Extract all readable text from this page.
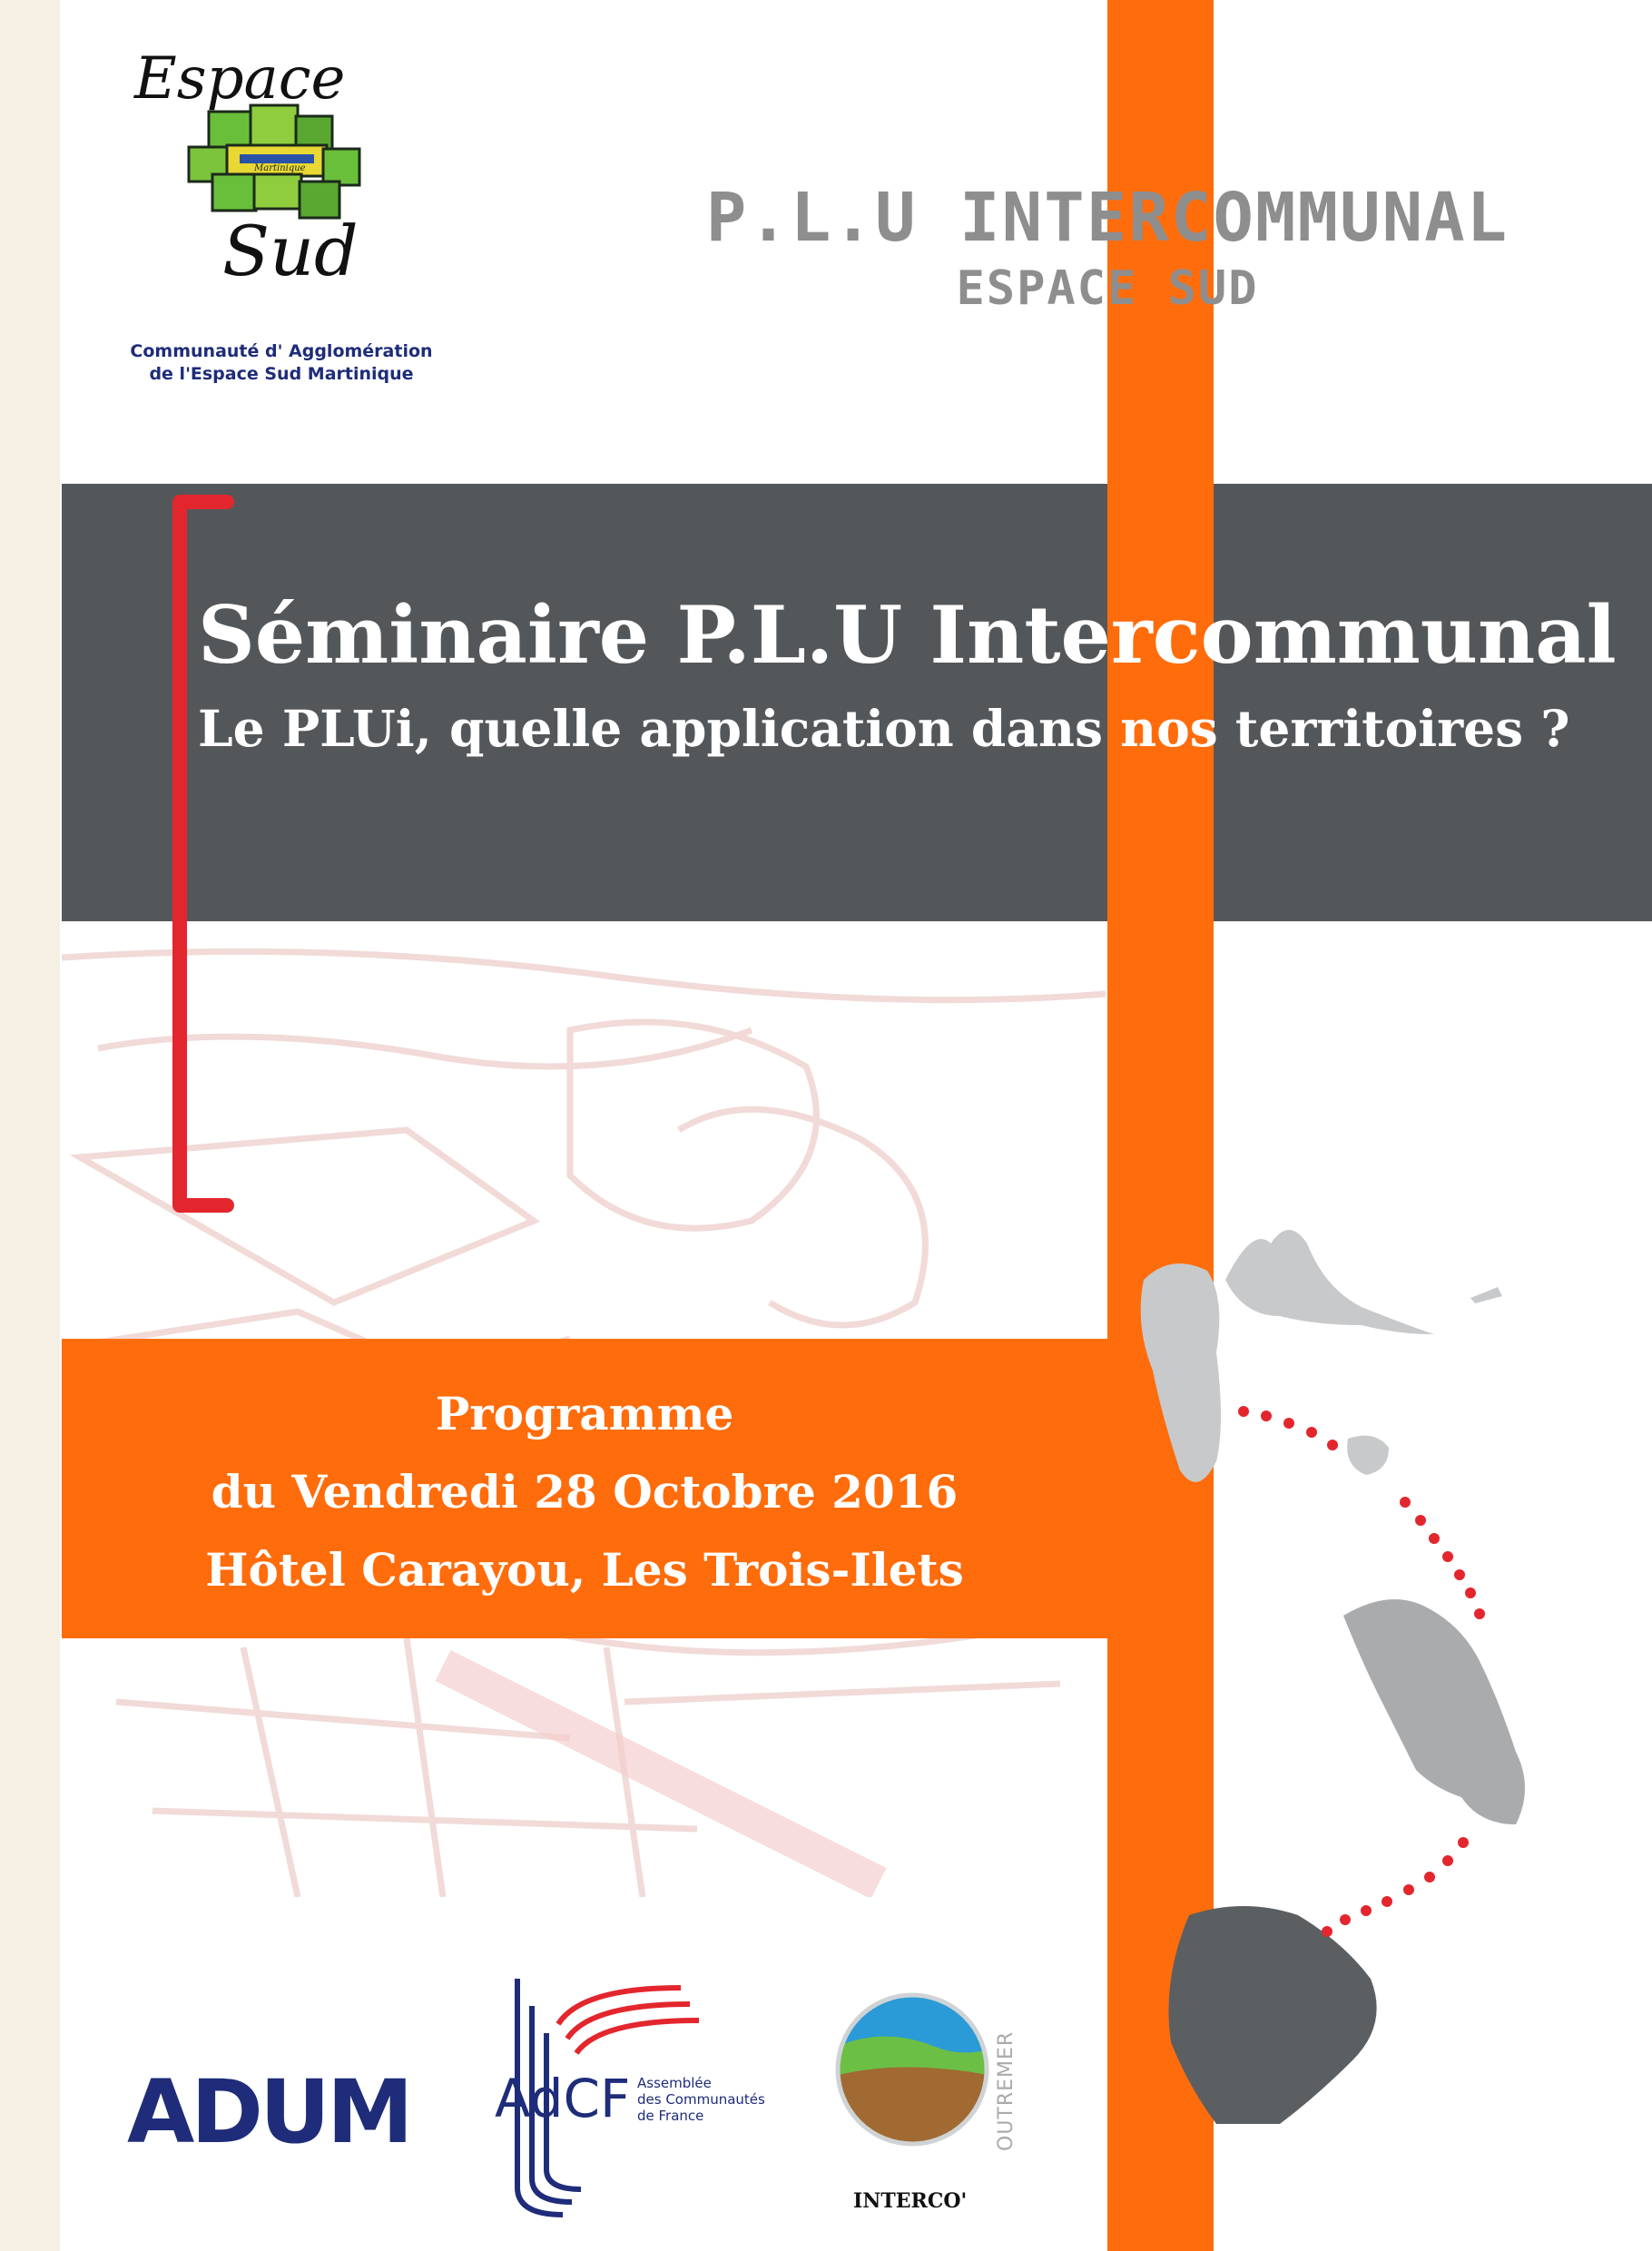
Espace
Martinique
Sud
Communauté d' Agglomération
de l'Espace Sud Martinique
P.L.U INTERCOMMUNAL
ESPACE SUD
Séminaire P.L.U Intercommunal
Le PLUi, quelle application dans nos territoires ?
Programme
du Vendredi 28 Octobre 2016
Hôtel Carayou, Les Trois-Ilets
ADUM AdCF Assemblée
des Communautés
de France
INTERCO'
OUTREMER
